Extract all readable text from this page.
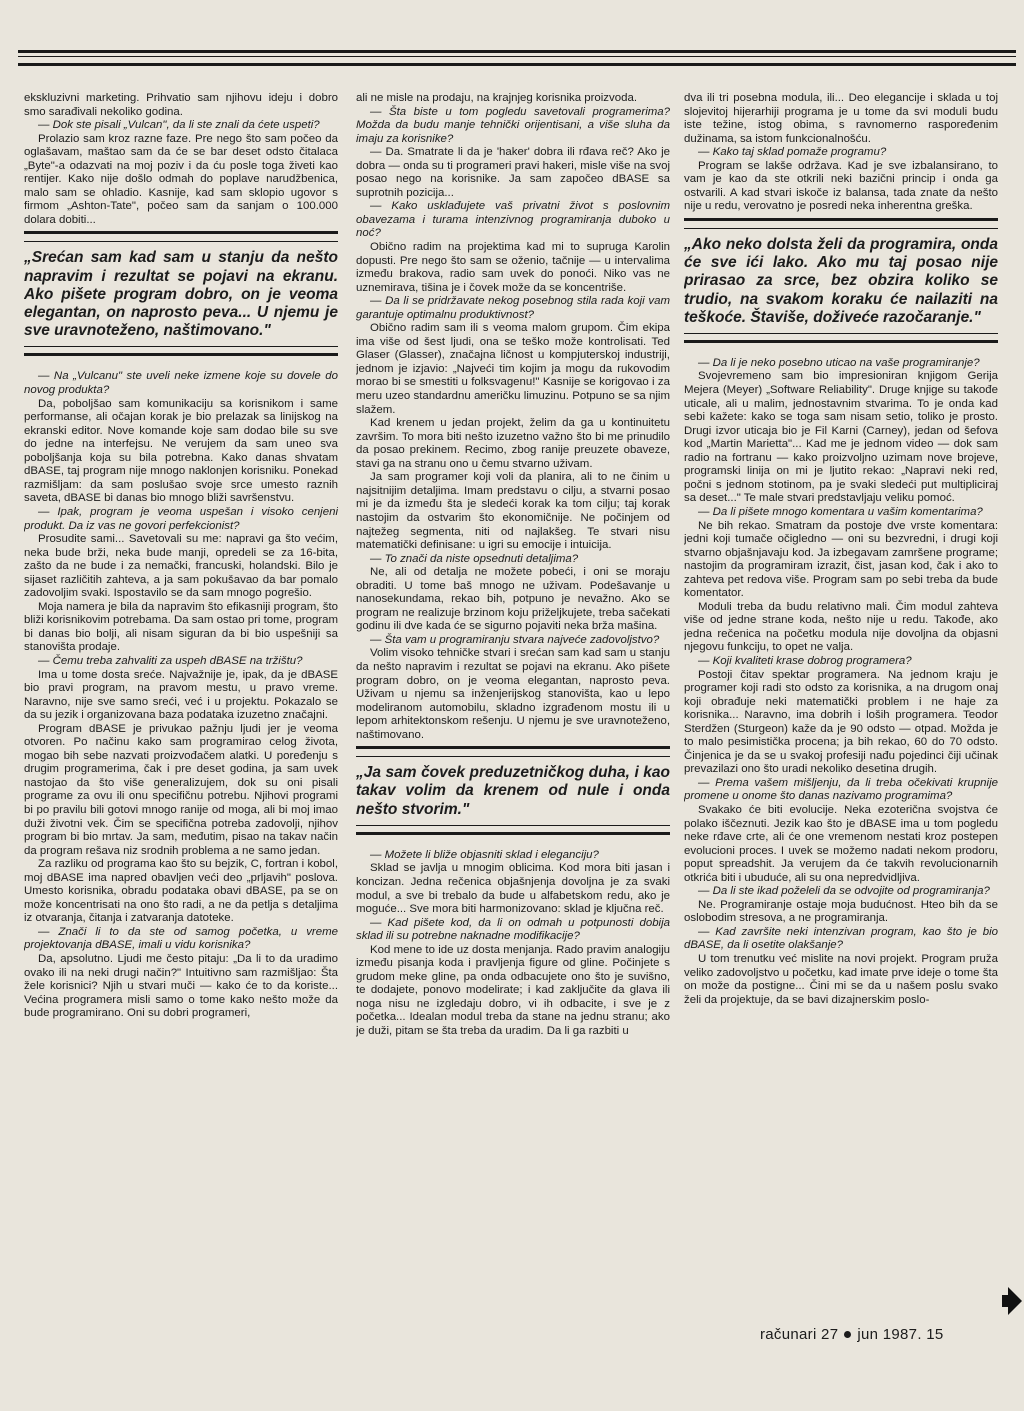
ekskluzivni marketing. Prihvatio sam njihovu ideju i dobro smo sarađivali nekoliko godina.

— Dok ste pisali „Vulcan", da li ste znali da ćete uspeti?

Prolazio sam kroz razne faze. Pre nego što sam počeo da oglašavam, maštao sam da će se bar deset odsto čitalaca „Byte"-a odazvati na moj poziv i da ću posle toga živeti kao rentijer. Kako nije došlo odmah do poplave narudžbenica, malo sam se ohladio. Kasnije, kad sam sklopio ugovor s firmom „Ashton-Tate", počeo sam da sanjam o 100.000 dolara dobiti...

„Srećan sam kad sam u stanju da nešto napravim i rezultat se pojavi na ekranu. Ako pišete program dobro, on je veoma elegantan, on naprosto peva... U njemu je sve uravnoteženo, naštimovano."

— Na „Vulcanu" ste uveli neke izmene koje su dovele do novog produkta?

Da, poboljšao sam komunikaciju sa korisnikom i same performanse, ali očajan korak je bio prelazak sa linijskog na ekranski editor. Nove komande koje sam dodao bile su sve do jedne na interfejsu. Ne verujem da sam uneo sva poboljšanja koja su bila potrebna. Kako danas shvatam dBASE, taj program nije mnogo naklonjen korisniku. Ponekad razmišljam: da sam poslušao svoje srce umesto raznih saveta, dBASE bi danas bio mnogo bliži savršenstvu.

— Ipak, program je veoma uspešan i visoko cenjeni produkt. Da iz vas ne govori perfekcionist?

Prosudite sami... Savetovali su me: napravi ga što većim, neka bude brži, neka bude manji, opredeli se za 16-bita, zašto da ne bude i za nemački, francuski, holandski. Bilo je sijaset različitih zahteva, a ja sam pokušavao da bar pomalo zadovoljim svaki. Ispostavilo se da sam mnogo pogrešio.

Moja namera je bila da napravim što efikasniji program, što bliži korisnikovim potrebama. Da sam ostao pri tome, program bi danas bio bolji, ali nisam siguran da bi bio uspešniji sa stanovišta prodaje.

— Čemu treba zahvaliti za uspeh dBASE na tržištu?

Ima u tome dosta sreće. Najvažnije je, ipak, da je dBASE bio pravi program, na pravom mestu, u pravo vreme. Naravno, nije sve samo sreći, već i u projektu. Pokazalo se da su jezik i organizovana baza podataka izuzetno značajni.

Program dBASE je privukao pažnju ljudi jer je veoma otvoren. Po načinu kako sam programirao celog života, mogao bih sebe nazvati proizvođačem alatki. U poređenju s drugim programerima, čak i pre deset godina, ja sam uvek nastojao da što više generalizujem, dok su oni pisali programe za ovu ili onu specifičnu potrebu. Njihovi programi bi po pravilu bili gotovi mnogo ranije od moga, ali bi moj imao duži životni vek. Čim se specifična potreba zadovolji, njihov program bi bio mrtav. Ja sam, međutim, pisao na takav način da program rešava niz srodnih problema a ne samo jedan.

Za razliku od programa kao što su bejzik, C, fortran i kobol, moj dBASE ima napred obavljen veći deo „prljavih" poslova. Umesto korisnika, obradu podataka obavi dBASE, pa se on može koncentrisati na ono što radi, a ne da petlja s detaljima iz otvaranja, čitanja i zatvaranja datoteke.

— Znači li to da ste od samog početka, u vreme projektovanja dBASE, imali u vidu korisnika?

Da, apsolutno. Ljudi me često pitaju: „Da li to da uradimo ovako ili na neki drugi način?" Intuitivno sam razmišljao: Šta žele korisnici? Njih u stvari muči — kako će to da koriste... Većina programera misli samo o tome kako nešto može da bude programirano. Oni su dobri programeri,

ali ne misle na prodaju, na krajnjeg korisnika proizvoda.

— Šta biste u tom pogledu savetovali programerima? Možda da budu manje tehnički orijentisani, a više sluha da imaju za korisnike?

— Da. Smatrate li da je 'haker' dobra ili rđava reč? Ako je dobra — onda su ti programeri pravi hakeri, misle više na svoj posao nego na korisnike. Ja sam započeo dBASE sa suprotnih pozicija...

— Kako usklađujete vaš privatni život s poslovnim obavezama i turama intenzivnog programiranja duboko u noć?

Obično radim na projektima kad mi to supruga Karolin dopusti. Pre nego što sam se oženio, tačnije — u intervalima između brakova, radio sam uvek do ponoći. Niko vas ne uznemirava, tišina je i čovek može da se koncentriše.

— Da li se pridržavate nekog posebnog stila rada koji vam garantuje optimalnu produktivnost?

Obično radim sam ili s veoma malom grupom. Čim ekipa ima više od šest ljudi, ona se teško može kontrolisati. Ted Glaser (Glasser), značajna ličnost u kompjuterskoj industriji, jednom je izjavio: „Najveći tim kojim ja mogu da rukovodim morao bi se smestiti u folksvagenu!" Kasnije se korigovao i za meru uzeo standardnu američku limuzinu. Potpuno se sa njim slažem.

Kad krenem u jedan projekt, želim da ga u kontinuitetu završim. To mora biti nešto izuzetno važno što bi me prinudilo da posao prekinem. Recimo, zbog ranije preuzete obaveze, stavi ga na stranu ono u čemu stvarno uživam.

Ja sam programer koji voli da planira, ali to ne činim u najsitnijim detaljima. Imam predstavu o cilju, a stvarni posao mi je da između šta je sledeći korak ka tom cilju; taj korak nastojim da ostvarim što ekonomičnije. Ne počinjem od najtežeg segmenta, niti od najlakšeg. Te stvari nisu matematički definisane: u igri su emocije i intuicija.

— To znači da niste opsednuti detaljima?

Ne, ali od detalja ne možete pobeći, i oni se moraju obraditi. U tome baš mnogo ne uživam. Podešavanje u nanosekundama, rekao bih, potpuno je nevažno. Ako se program ne realizuje brzinom koju priželjkujete, treba sačekati godinu ili dve kada će se sigurno pojaviti neka brža mašina.

— Šta vam u programiranju stvara najveće zadovoljstvo?

Volim visoko tehničke stvari i srećan sam kad sam u stanju da nešto napravim i rezultat se pojavi na ekranu. Ako pišete program dobro, on je veoma elegantan, naprosto peva. Uživam u njemu sa inženjerijskog stanovišta, kao u lepo modeliranom automobilu, skladno izgrađenom mostu ili u lepom arhitektonskom rešenju. U njemu je sve uravnoteženo, naštimovano.

„Ja sam čovek preduzetničkog duha, i kao takav volim da krenem od nule i onda nešto stvorim."

— Možete li bliže objasniti sklad i eleganciju?

Sklad se javlja u mnogim oblicima. Kod mora biti jasan i koncizan. Jedna rečenica objašnjenja dovoljna je za svaki modul, a sve bi trebalo da bude u alfabetskom redu, ako je moguće... Sve mora biti harmonizovano: sklad je ključna reč.

— Kad pišete kod, da li on odmah u potpunosti dobija sklad ili su potrebne naknadne modifikacije?

Kod mene to ide uz dosta menjanja. Rado pravim analogiju između pisanja koda i pravljenja figure od gline. Počinjete s grudom meke gline, pa onda odbacujete ono što je suvišno, te dodajete, ponovo modelirate; i kad zaključite da glava ili noga nisu ne izgledaju dobro, vi ih odbacite, i sve je z početka... Idealan modul treba da stane na jednu stranu; ako je duži, pitam se šta treba da uradim. Da li ga razbiti u

dva ili tri posebna modula, ili... Deo elegancije i sklada u toj slojevitoj hijerarhiji programa je u tome da svi moduli budu iste težine, istog obima, s ravnomerno raspoređenim dužinama, sa istom funkcionalnošću.

— Kako taj sklad pomaže programu?

Program se lakše održava. Kad je sve izbalansirano, to vam je kao da ste otkrili neki bazični princip i onda ga ostvarili. A kad stvari iskoče iz balansa, tada znate da nešto nije u redu, verovatno je posredi neka inherentna greška.

„Ako neko dolsta želi da programira, onda će sve ići lako. Ako mu taj posao nije prirasao za srce, bez obzira koliko se trudio, na svakom koraku će nailaziti na teškoće. Štaviše, doživeće razočaranje."

— Da li je neko posebno uticao na vaše programiranje?

Svojevremeno sam bio impresioniran knjigom Gerija Mejera (Meyer) „Software Reliability". Druge knjige su takođe uticale, ali u malim, jednostavnim stvarima. To je onda kad sebi kažete: kako se toga sam nisam setio, toliko je prosto. Drugi izvor uticaja bio je Fil Karni (Carney), jedan od šefova kod „Martin Marietta"... Kad me je jednom video — dok sam radio na fortranu — kako proizvoljno uzimam nove brojeve, programski linija on mi je ljutito rekao: „Napravi neki red, počni s jednom stotinom, pa je svaki sledeći put multipliciraj sa deset..." Te male stvari predstavljaju veliku pomoć.

— Da li pišete mnogo komentara u vašim komentarima?

Ne bih rekao. Smatram da postoje dve vrste komentara: jedni koji tumače očigledno — oni su bezvredni, i drugi koji stvarno objašnjavaju kod. Ja izbegavam zamršene programe; nastojim da programiram izrazit, čist, jasan kod, čak i ako to zahteva pet redova više. Program sam po sebi treba da bude komentator.

Moduli treba da budu relativno mali. Čim modul zahteva više od jedne strane koda, nešto nije u redu. Takođe, ako jedna rečenica na početku modula nije dovoljna da objasni njegovu funkciju, to opet ne valja.

— Koji kvaliteti krase dobrog programera?

Postoji čitav spektar programera. Na jednom kraju je programer koji radi sto odsto za korisnika, a na drugom onaj koji obrađuje neki matematički problem i ne haje za korisnika... Naravno, ima dobrih i loših programera. Teodor Sterdžen (Sturgeon) kaže da je 90 odsto — otpad. Možda je to malo pesimistička procena; ja bih rekao, 60 do 70 odsto. Činjenica je da se u svakoj profesiji nađu pojedinci čiji učinak prevazilazi ono što uradi nekoliko desetina drugih.

— Prema vašem mišljenju, da li treba očekivati krupnije promene u onome što danas nazivamo programima?

Svakako će biti evolucije. Neka ezoterična svojstva će polako iščeznuti. Jezik kao što je dBASE ima u tom pogledu neke rđave crte, ali će one vremenom nestati kroz postepen evolucioni proces. I uvek se možemo nadati nekom prodoru, poput spreadshit. Ja verujem da će takvih revolucionarnih otkrića biti i ubuduće, ali su ona nepredvidljiva.

— Da li ste ikad poželeli da se odvojite od programiranja?

Ne. Programiranje ostaje moja budućnost. Hteo bih da se oslobodim stresova, a ne programiranja.

— Kad završite neki intenzivan program, kao što je bio dBASE, da li osetite olakšanje?

U tom trenutku već mislite na novi projekt. Program pruža veliko zadovoljstvo u početku, kad imate prve ideje o tome šta on može da postigne... Čini mi se da u našem poslu svako želi da projektuje, da se bavi dizajnerskim poslo-

računari 27 jun 1987. 15
